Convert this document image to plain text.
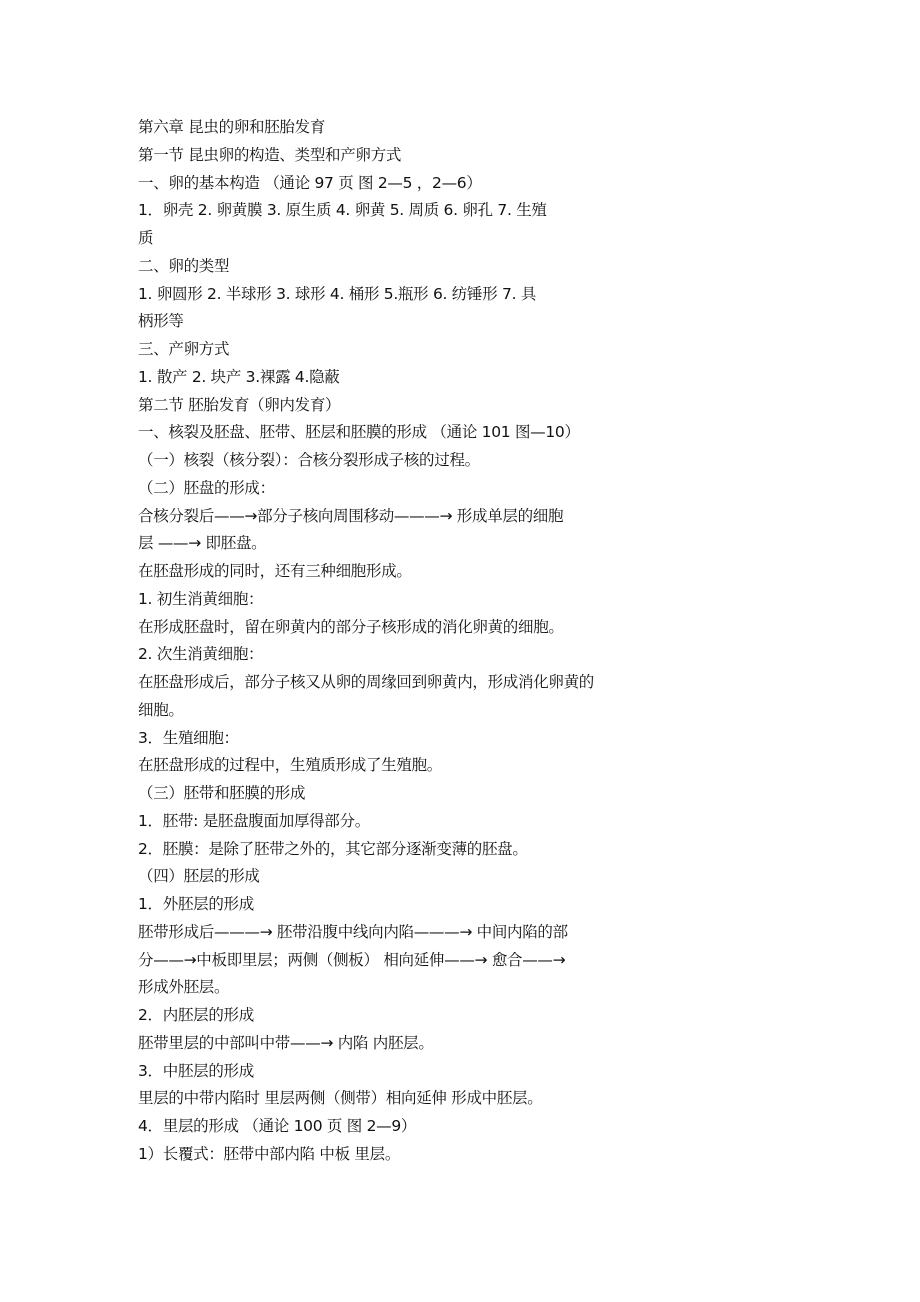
第六章 昆虫的卵和胚胎发育
第一节 昆虫卵的构造、类型和产卵方式
一、卵的基本构造 （通论 97 页 图 2—5 ，2—6）
1．卵壳 2. 卵黄膜 3. 原生质 4. 卵黄 5. 周质 6. 卵孔 7. 生殖
质
二、卵的类型
1. 卵圆形 2. 半球形 3. 球形 4. 桶形 5.瓶形 6. 纺锤形 7. 具
柄形等
三、产卵方式
1. 散产 2. 块产 3.裸露 4.隐蔽
第二节 胚胎发育（卵内发育）
一、核裂及胚盘、胚带、胚层和胚膜的形成 （通论 101 图—10）
（一）核裂（核分裂）：合核分裂形成子核的过程。
（二）胚盘的形成：
合核分裂后——→部分子核向周围移动———→ 形成单层的细胞
层 ——→ 即胚盘。
在胚盘形成的同时，还有三种细胞形成。
1. 初生消黄细胞：
在形成胚盘时，留在卵黄内的部分子核形成的消化卵黄的细胞。
2. 次生消黄细胞：
在胚盘形成后，部分子核又从卵的周缘回到卵黄内，形成消化卵黄的
细胞。
3．生殖细胞：
在胚盘形成的过程中，生殖质形成了生殖胞。
（三）胚带和胚膜的形成
1．胚带: 是胚盘腹面加厚得部分。
2．胚膜：是除了胚带之外的，其它部分逐渐变薄的胚盘。
（四）胚层的形成
1．外胚层的形成
胚带形成后———→ 胚带沿腹中线向内陷———→ 中间内陷的部
分——→中板即里层；两侧（侧板） 相向延伸——→ 愈合——→
形成外胚层。
2．内胚层的形成
胚带里层的中部叫中带——→ 内陷 内胚层。
3．中胚层的形成
里层的中带内陷时 里层两侧（侧带）相向延伸 形成中胚层。
4．里层的形成 （通论 100 页 图 2—9）
1）长覆式：胚带中部内陷 中板 里层。
